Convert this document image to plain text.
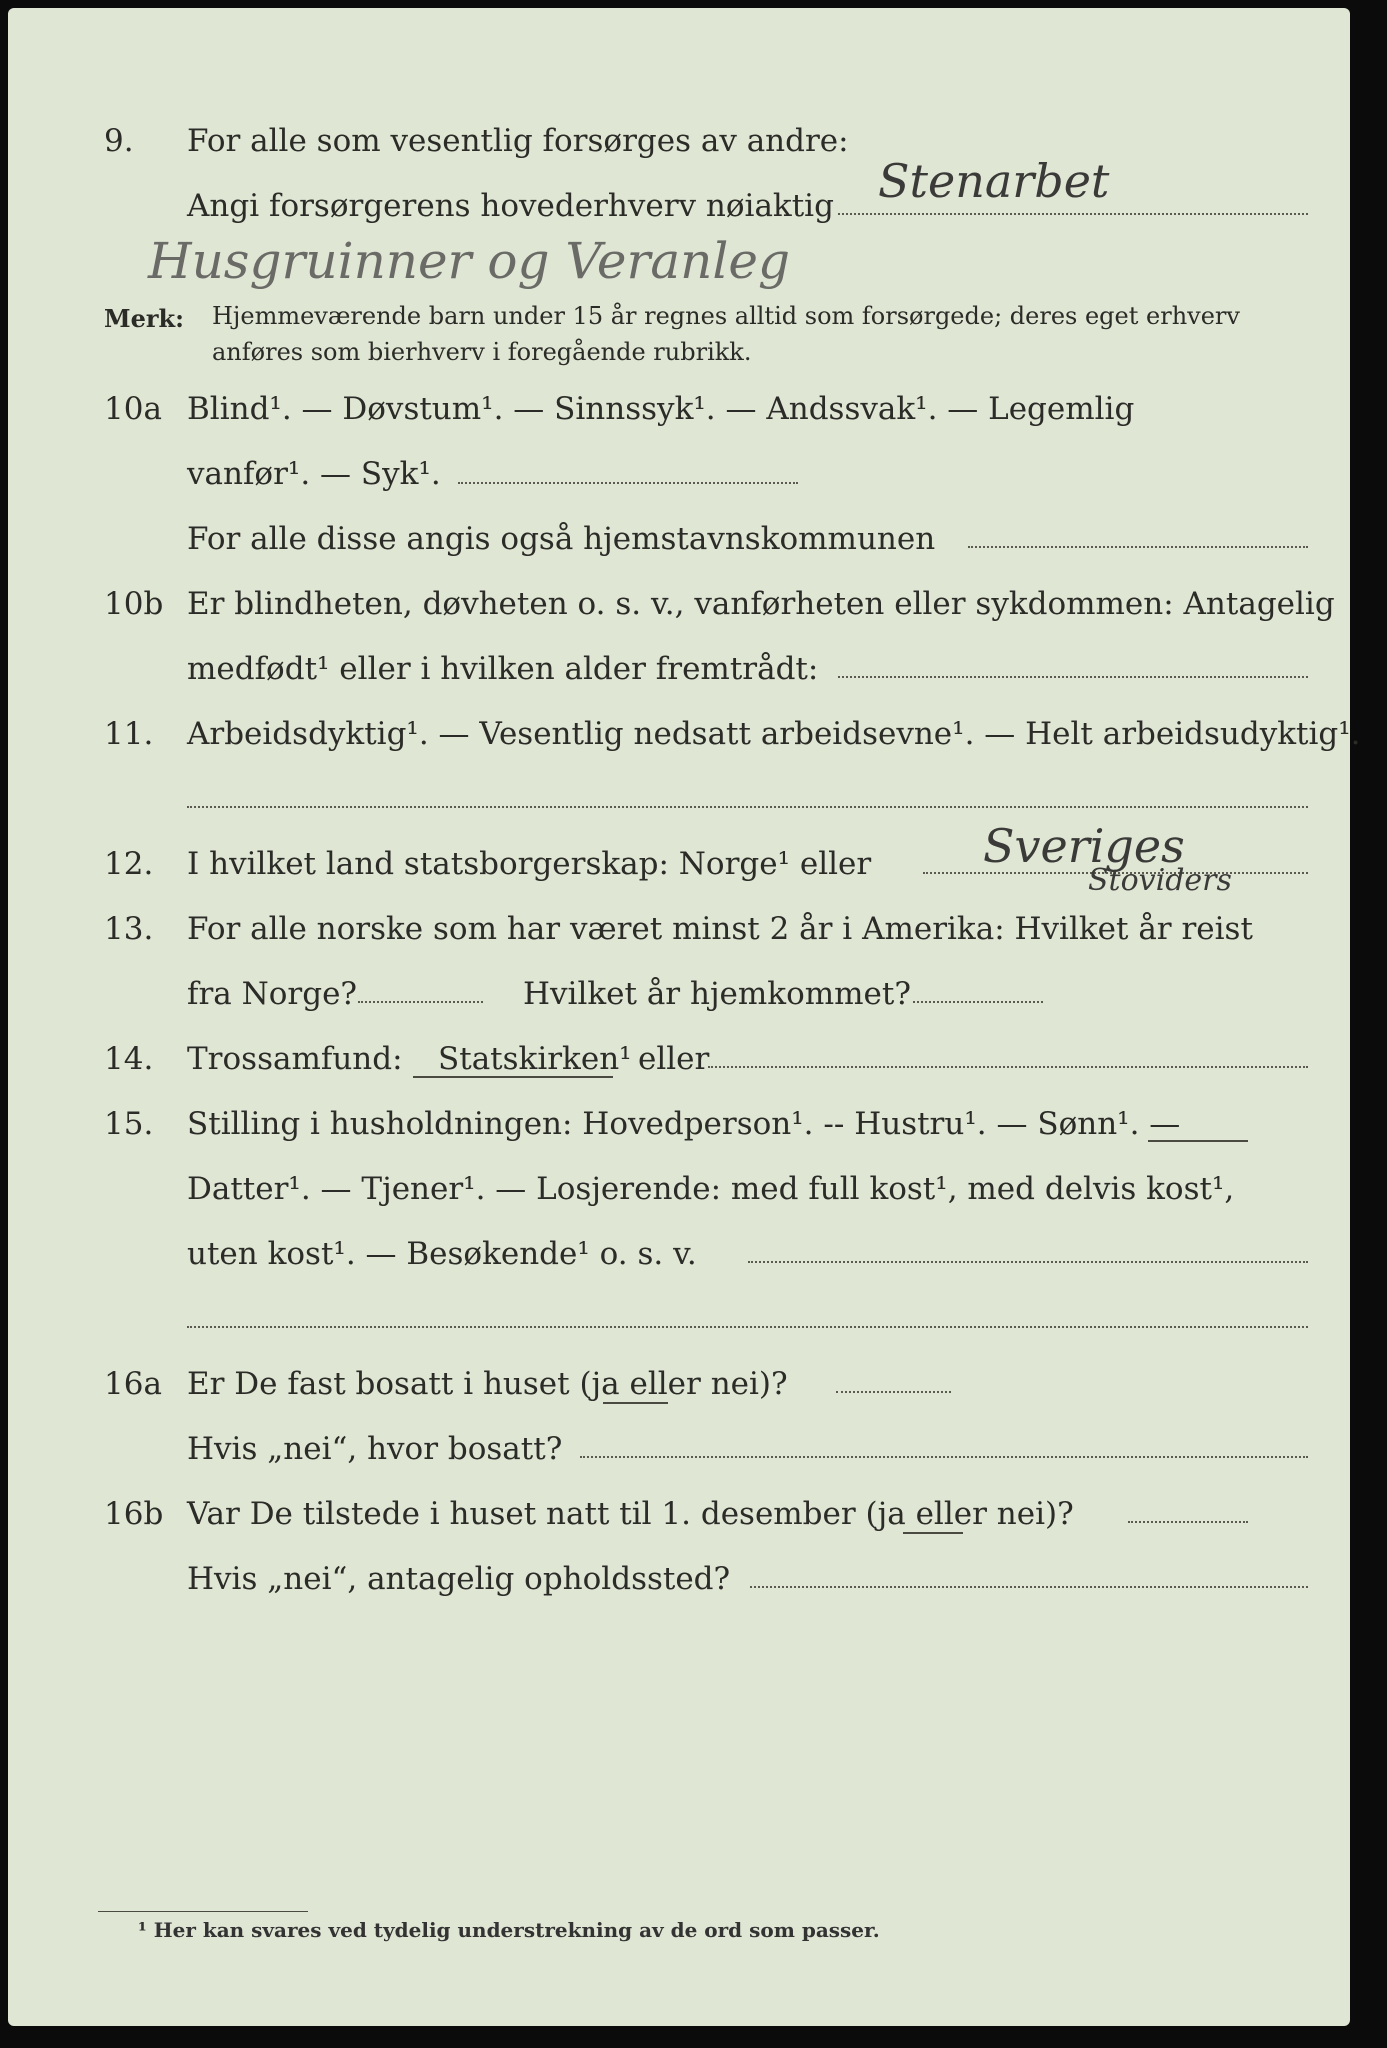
9. For alle som vesentlig forsørges av andre:
Angi forsørgerens hovederhverv nøiaktig Stenarbet
Husgruinner og Veranleg
Merk: Hjemmeværende barn under 15 år regnes alltid som forsørgede; deres eget erhverv
anføres som bierhverv i foregående rubrikk.
10a Blind¹. — Døvstum¹. — Sinnssyk¹. — Andssvak¹. — Legemlig
vanfør¹. — Syk¹.
For alle disse angis også hjemstavnskommunen
10b Er blindheten, døvheten o. s. v., vanførheten eller sykdommen: Antagelig
medfødt¹ eller i hvilken alder fremtrådt:
11. Arbeidsdyktig¹. — Vesentlig nedsatt arbeidsevne¹. — Helt arbeidsudyktig¹.
12. I hvilket land statsborgerskap: Norge¹ eller Sveriges
Stoviders
13. For alle norske som har været minst 2 år i Amerika: Hvilket år reist
fra Norge?	Hvilket år hjemkommet?
14. Trossamfund: Statskirken¹ eller
15. Stilling i husholdningen: Hovedperson¹. -- Hustru¹. — Sønn¹. —
Datter¹. — Tjener¹. — Losjerende: med full kost¹, med delvis kost¹,
uten kost¹. — Besøkende¹ o. s. v.
16a Er De fast bosatt i huset (ja eller nei)?
Hvis „nei“, hvor bosatt?
16b Var De tilstede i huset natt til 1. desember (ja eller nei)?
Hvis „nei“, antagelig opholdssted?
¹ Her kan svares ved tydelig understrekning av de ord som passer.
